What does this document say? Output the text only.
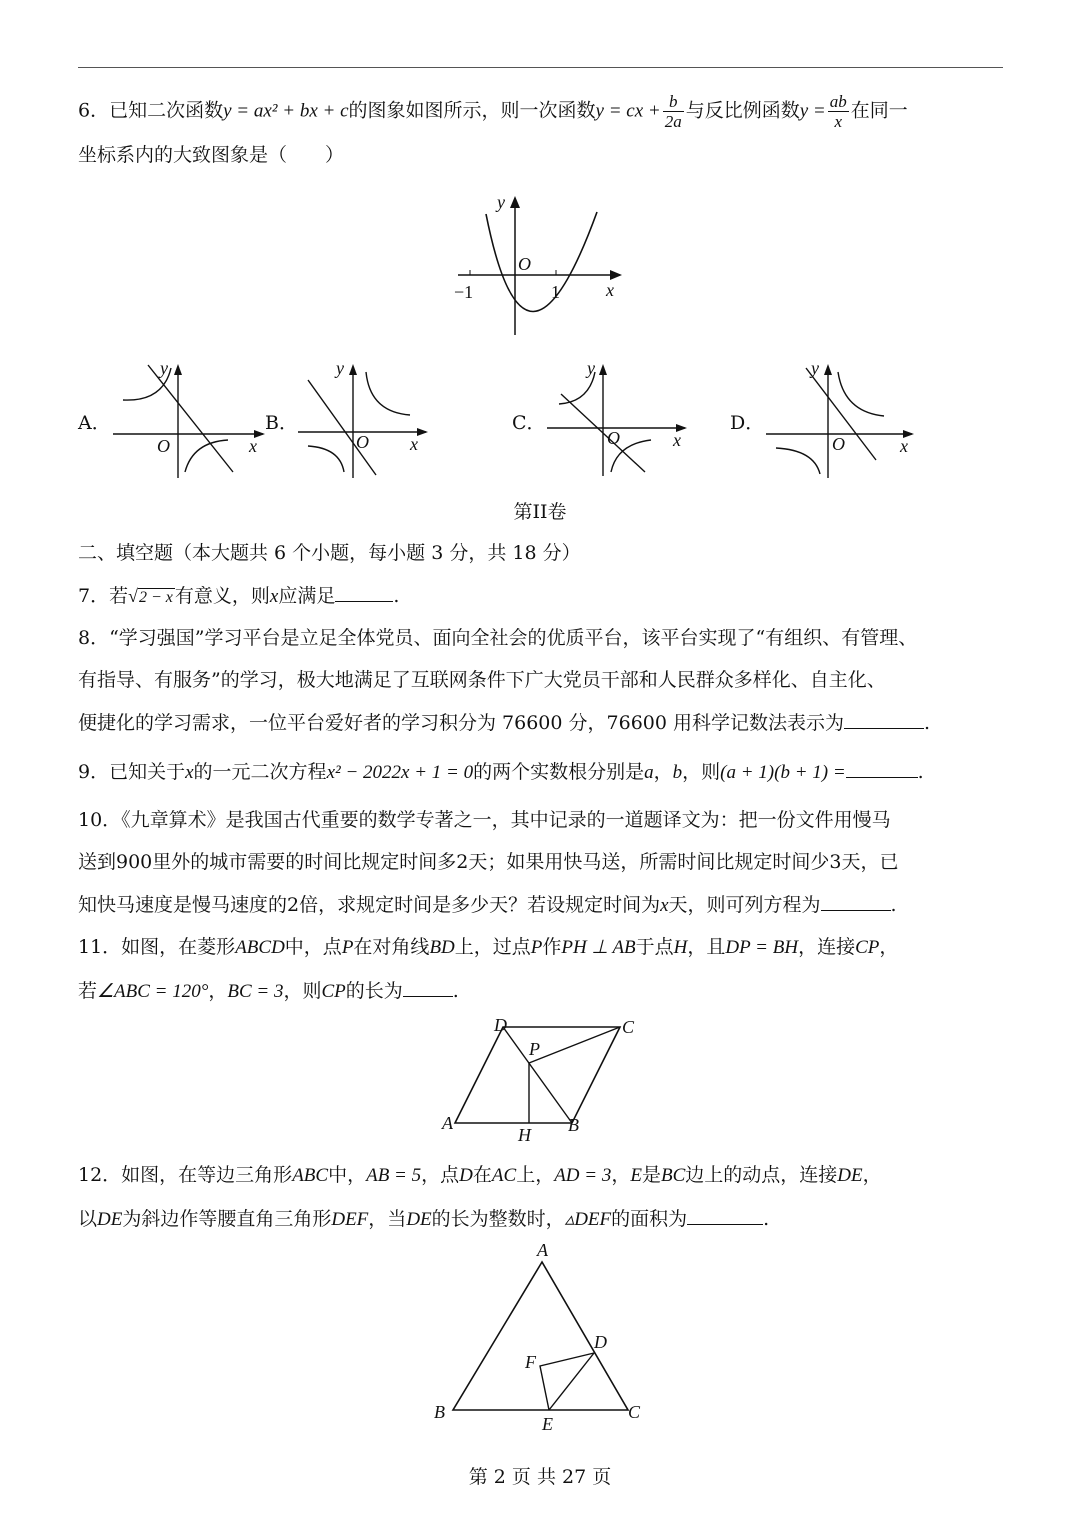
6．已知二次函数y = ax² + bx + c的图象如图所示，则一次函数y = cx + $\frac{b}{2a}$ 与反比例函数$y = \frac{ab}{x}$ 在同一
坐标系内的大致图象是（　　）
y
O
x
−1	1
A．
y
O	x
B．
y
O x
C．
y
O	x
D．
y
O	x
第II卷
二、填空题（本大题共 6 个小题，每小题 3 分，共 18 分）
7．若√2 − x 有意义，则x应满足	.
8．“学习强国”学习平台是立足全体党员、面向全社会的优质平台，该平台实现了“有组织、有管理、
有指导、有服务”的学习，极大地满足了互联网条件下广大党员干部和人民群众多样化、自主化、
便捷化的学习需求，一位平台爱好者的学习积分为 76600 分，76600 用科学记数法表示为	.
9．已知关于x的一元二次方程x² − 2022x + 1 = 0的两个实数根分别是a，b，则(a + 1)(b + 1) =	.
10．《九章算术》是我国古代重要的数学专著之一，其中记录的一道题译文为：把一份文件用慢马
送到900里外的城市需要的时间比规定时间多2天；如果用快马送，所需时间比规定时间少3天，已
知快马速度是慢马速度的2倍，求规定时间是多少天？若设规定时间为x天，则可列方程为	.
11．如图，在菱形ABCD中，点P在对角线BD上，过点P作PH ⊥ AB于点H，且DP = BH，连接CP，
若∠ABC = 120°，BC = 3，则CP的长为	.
D	C
P
A
H B
12．如图，在等边三角形ABC中，AB = 5，点D在AC上，AD = 3，E是BC边上的动点，连接DE，
以DE为斜边作等腰直角三角形DEF，当DE的长为整数时，▵DEF的面积为	.
A
B	C
D
E
F
第 2 页 共 27 页
